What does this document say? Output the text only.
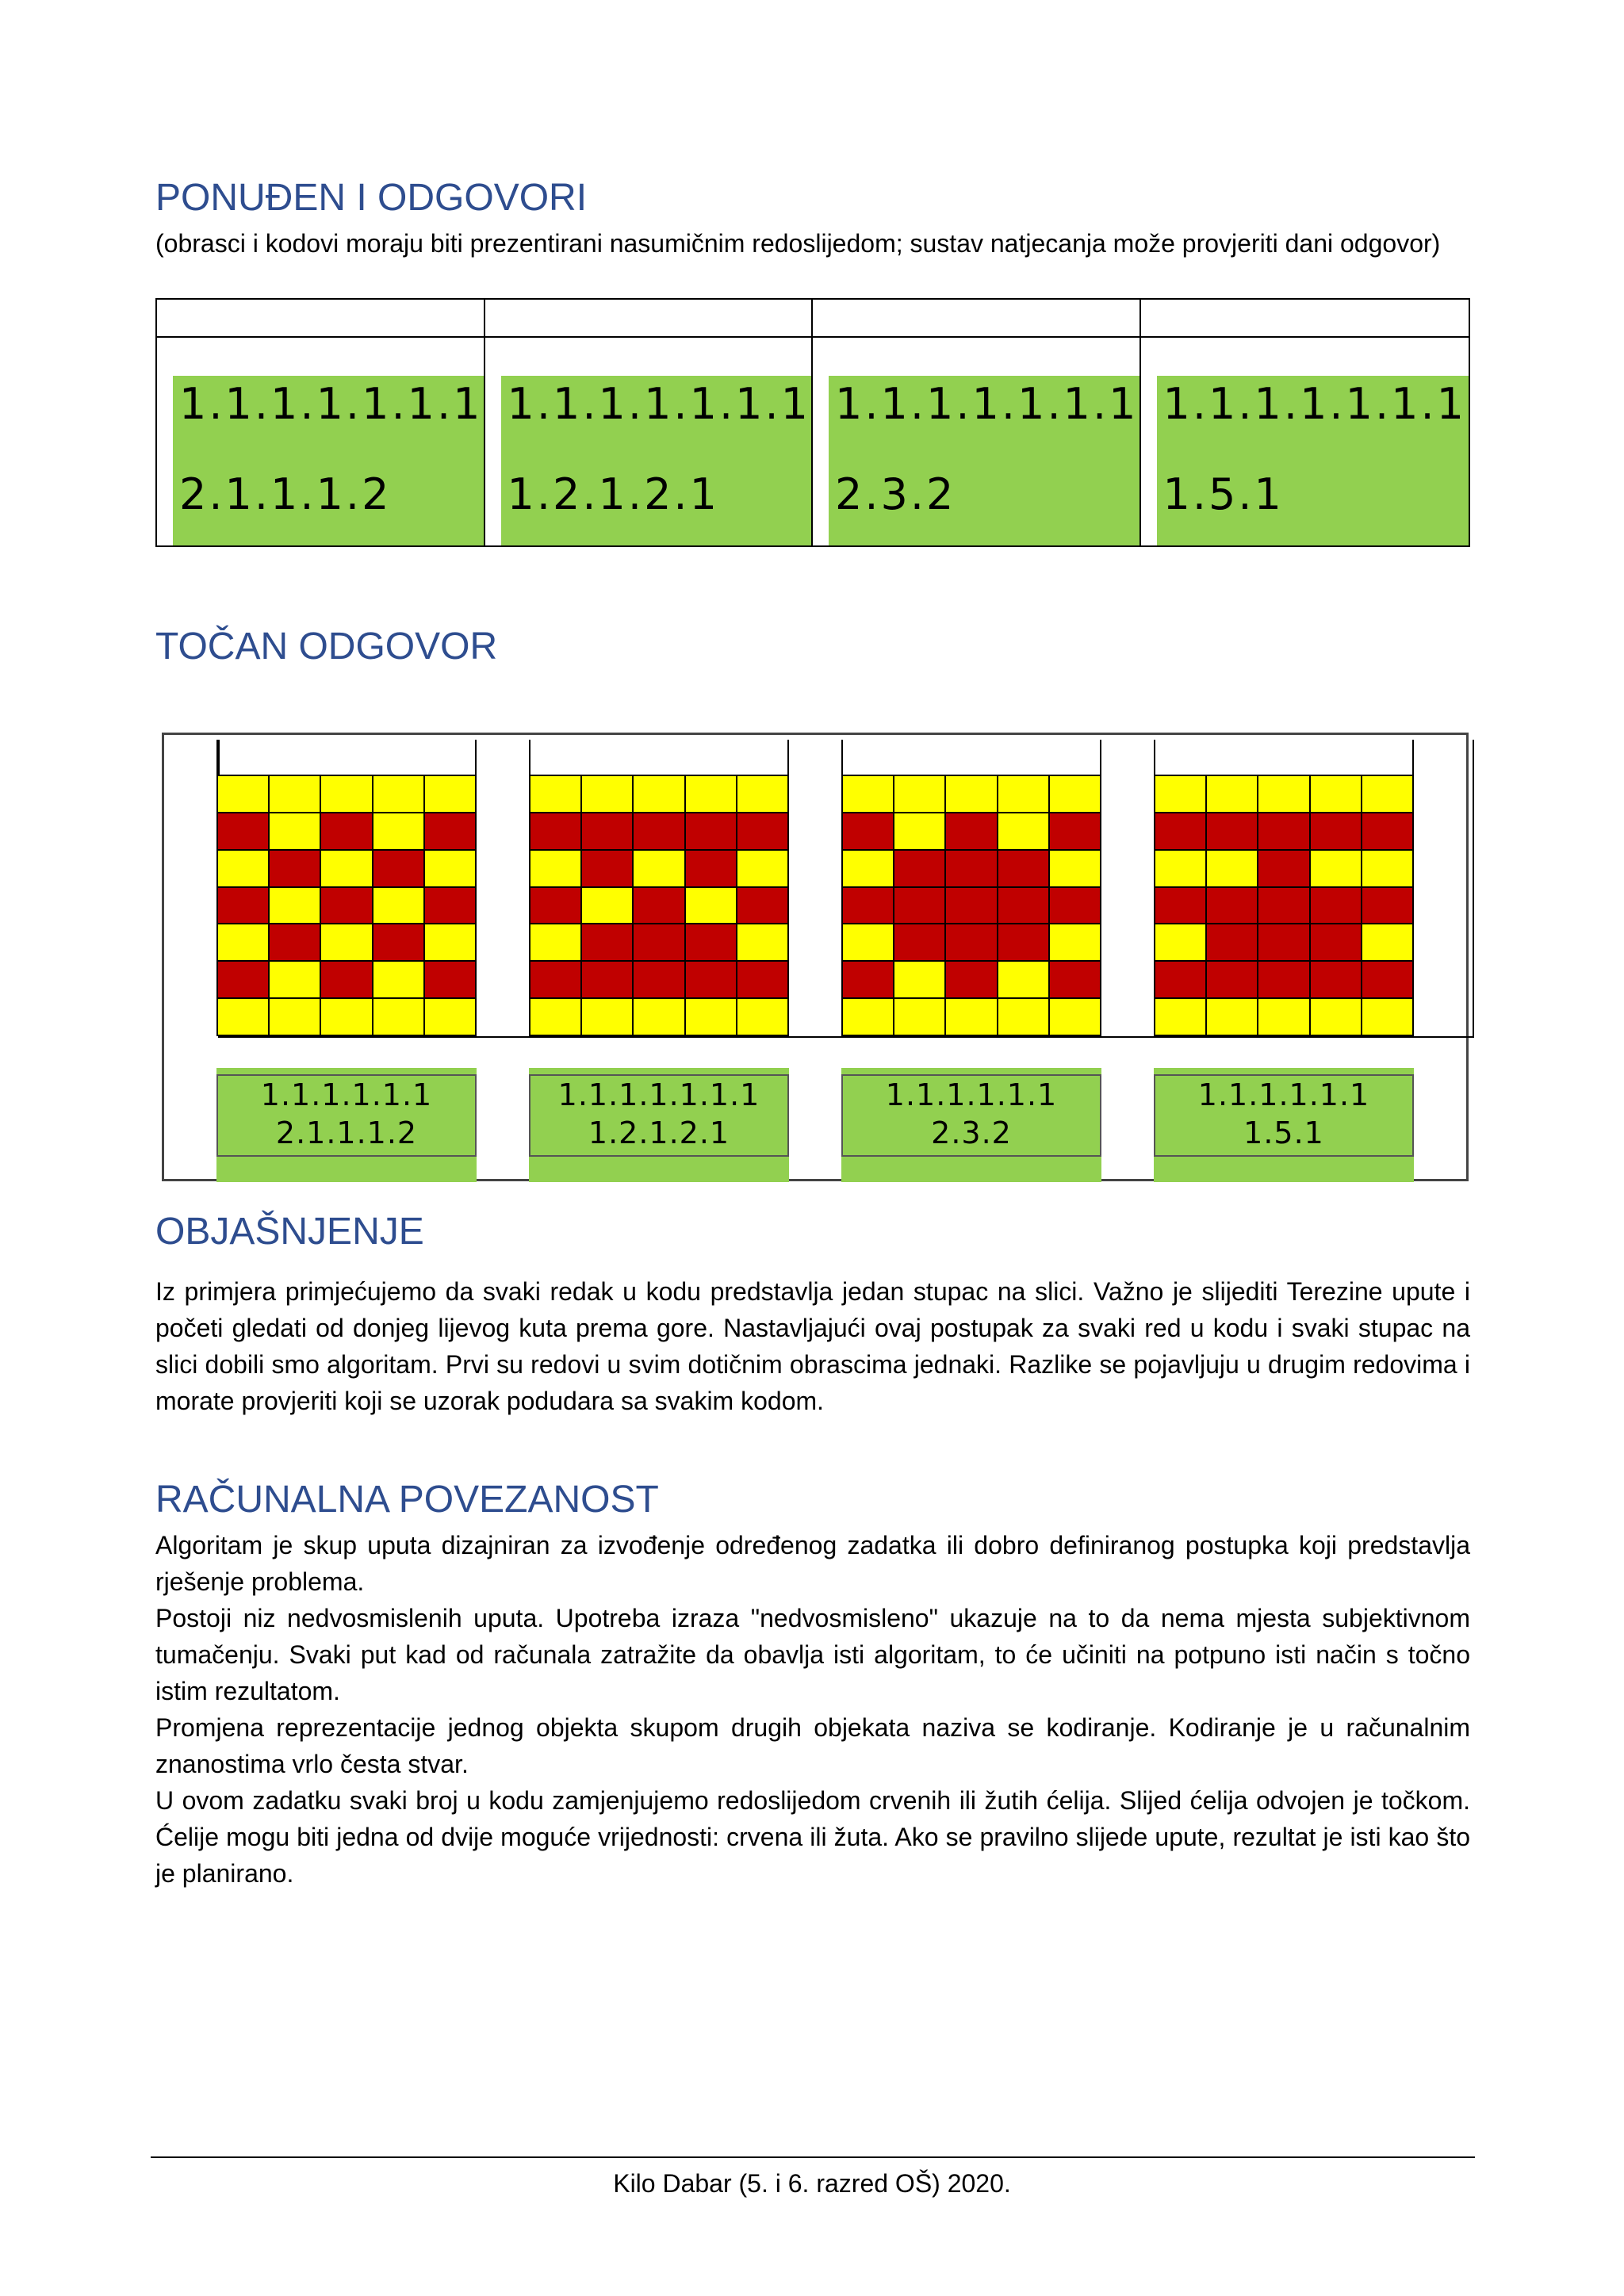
PONUĐEN I ODGOVORI

(obrasci i kodovi moraju biti prezentirani nasumičnim redoslijedom; sustav natjecanja može provjeriti dani odgovor)

1.1.1.1.1.1.1
2.1.1.1.2
1.1.1.1.1.1.1
1.2.1.2.1
1.1.1.1.1.1.1
2.3.2
1.1.1.1.1.1.1
1.5.1
TOČAN ODGOVOR
1.1.1.1.1.1
2.1.1.1.2
1.1.1.1.1.1.1
1.2.1.2.1
1.1.1.1.1.1
2.3.2
1.1.1.1.1.1
1.5.1
OBJAŠNJENJE

Iz primjera primjećujemo da svaki redak u kodu predstavlja jedan stupac na slici. Važno je slijediti Terezine upute i početi gledati od donjeg lijevog kuta prema gore. Nastavljajući ovaj postupak za svaki red u kodu i svaki stupac na slici dobili smo algoritam. Prvi su redovi u svim dotičnim obrascima jednaki. Razlike se pojavljuju u drugim redovima i morate provjeriti koji se uzorak podudara sa svakim kodom.

RAČUNALNA POVEZANOST

Algoritam je skup uputa dizajniran za izvođenje određenog zadatka ili dobro definiranog postupka koji predstavlja rješenje problema.

Postoji niz nedvosmislenih uputa. Upotreba izraza "nedvosmisleno" ukazuje na to da nema mjesta subjektivnom tumačenju. Svaki put kad od računala zatražite da obavlja isti algoritam, to će učiniti na potpuno isti način s točno istim rezultatom.

Promjena reprezentacije jednog objekta skupom drugih objekata naziva se kodiranje. Kodiranje je u računalnim znanostima vrlo česta stvar.

U ovom zadatku svaki broj u kodu zamjenjujemo redoslijedom crvenih ili žutih ćelija. Slijed ćelija odvojen je točkom. Ćelije mogu biti jedna od dvije moguće vrijednosti: crvena ili žuta. Ako se pravilno slijede upute, rezultat je isti kao što je planirano.

Kilo Dabar (5. i 6. razred OŠ) 2020.
